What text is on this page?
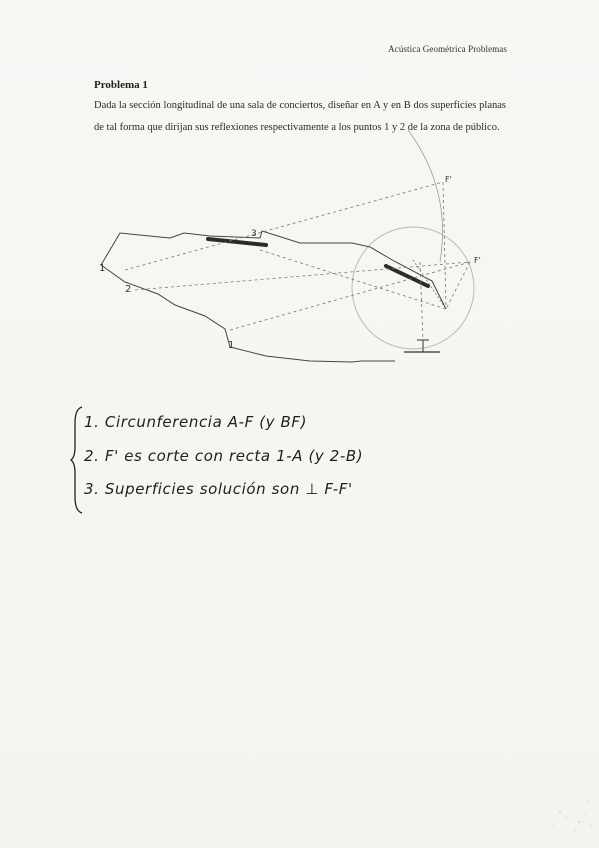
Acústica Geométrica Problemas
Problema 1
Dada la sección longitudinal de una sala de conciertos, diseñar en A y en B dos superficies planas de tal forma que dirijan sus reflexiones respectivamente a los puntos 1 y 2 de la zona de público.
F'
F'
1
2
1
3
1. Circunferencia A-F (y BF)
2. F' es corte con recta 1-A (y 2-B)
3. Superficies solución son ⊥ F-F'
